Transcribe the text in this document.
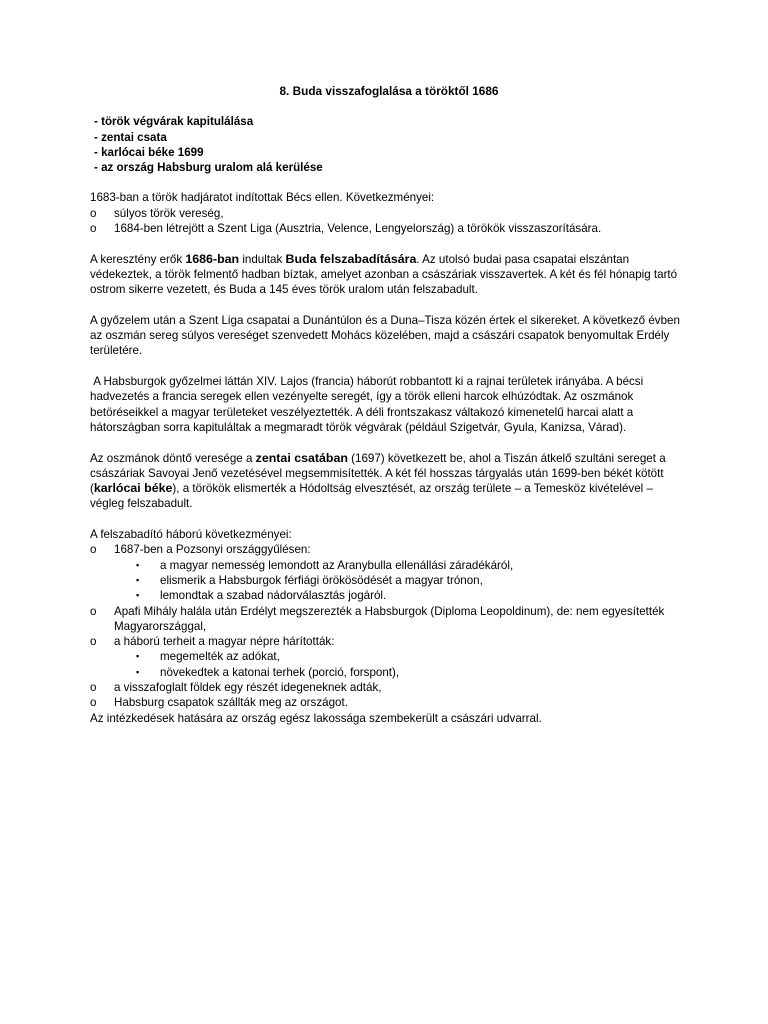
8. Buda visszafoglalása a töröktől 1686
- török végvárak kapitulálása
- zentai csata
- karlócai béke 1699
- az ország Habsburg uralom alá kerülése
1683-ban a török hadjáratot indítottak Bécs ellen. Következményei:
o	súlyos török vereség,
o	1684-ben létrejött a Szent Liga (Ausztria, Velence, Lengyelország) a törökök visszaszorítására.

A keresztény erők 1686-ban indultak Buda felszabadítására. Az utolsó budai pasa csapatai elszántan védekeztek, a török felmentő hadban bíztak, amelyet azonban a császáriak visszavertek. A két és fél hónapig tartó ostrom sikerre vezetett, és Buda a 145 éves török uralom után felszabadult.

A győzelem után a Szent Liga csapatai a Dunántúlon és a Duna–Tisza közén értek el sikereket. A következő évben az oszmán sereg súlyos vereséget szenvedett Mohács közelében, majd a császári csapatok benyomultak Erdély területére.

A Habsburgok győzelmei láttán XIV. Lajos (francia) háborút robbantott ki a rajnai területek irányába. A bécsi hadvezetés a francia seregek ellen vezényelte seregét, így a török elleni harcok elhúzódtak. Az oszmánok betöréseikkel a magyar területeket veszélyeztették. A déli frontszakasz váltakozó kimenetelű harcai alatt a hátországban sorra kapituláltak a megmaradt török végvárak (például Szigetvár, Gyula, Kanizsa, Várad).

Az oszmánok döntő veresége a zentai csatában (1697) következett be, ahol a Tiszán átkelő szultáni sereget a császáriak Savoyai Jenő vezetésével megsemmisítették. A két fél hosszas tárgyalás után 1699-ben békét kötött (karlócai béke), a törökök elismerték a Hódoltság elvesztését, az ország területe – a Temesköz kivételével – végleg felszabadult.

A felszabadító háború következményei:
o	1687-ben a Pozsonyi országgyűlésen:
▪ a magyar nemesség lemondott az Aranybulla ellenállási záradékáról,
▪ elismerik a Habsburgok férfiági örökösödését a magyar trónon,
▪ lemondtak a szabad nádorválasztás jogáról.
o	Apafi Mihály halála után Erdélyt megszerezték a Habsburgok (Diploma Leopoldinum), de: nem egyesítették Magyarországgal,
o	a háború terheit a magyar népre hárították:
▪ megemelték az adókat,
▪ növekedtek a katonai terhek (porció, forspont),
o	a visszafoglalt földek egy részét idegeneknek adták,
o	Habsburg csapatok szállták meg az országot.
Az intézkedések hatására az ország egész lakossága szembekerült a császári udvarral.
